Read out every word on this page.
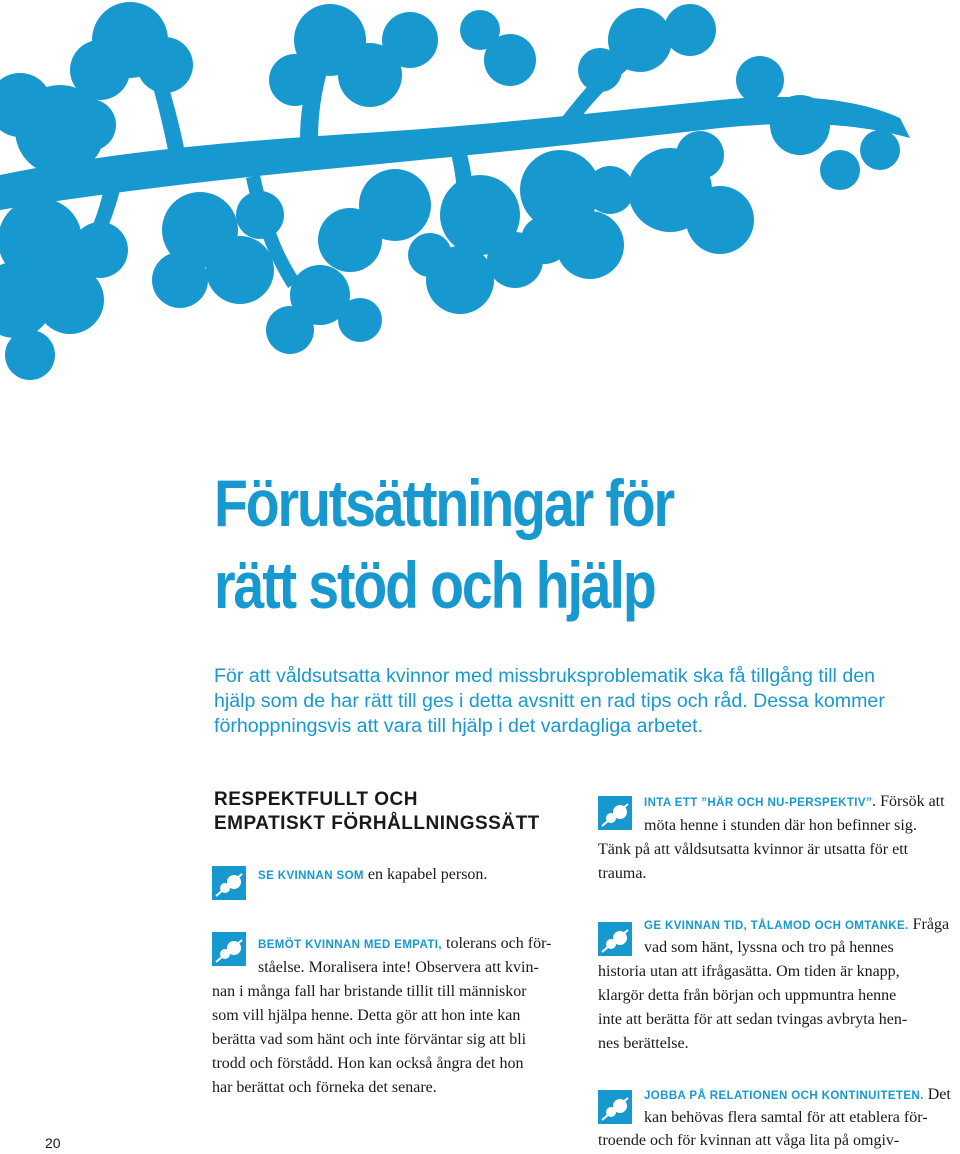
Förutsättningar för
rätt stöd och hjälp
För att våldsutsatta kvinnor med missbruksproblematik ska få tillgång till den
hjälp som de har rätt till ges i detta avsnitt en rad tips och råd. Dessa kommer
förhoppningsvis att vara till hjälp i det vardagliga arbetet.
RESPEKTFULLT OCH
EMPATISKT FÖRHÅLLNINGSSÄTT
SE KVINNAN SOM en kapabel person.
BEMÖT KVINNAN MED EMPATI, tolerans och för-
ståelse. Moralisera inte! Observera att kvin-
nan i många fall har bristande tillit till människor
som vill hjälpa henne. Detta gör att hon inte kan
berätta vad som hänt och inte förväntar sig att bli
trodd och förstådd. Hon kan också ångra det hon
har berättat och förneka det senare.
INTA ETT ”HÄR OCH NU-PERSPEKTIV”. Försök att
möta henne i stunden där hon befinner sig.
Tänk på att våldsutsatta kvinnor är utsatta för ett
trauma.
GE KVINNAN TID, TÅLAMOD OCH OMTANKE. Fråga
vad som hänt, lyssna och tro på hennes
historia utan att ifrågasätta. Om tiden är knapp,
klargör detta från början och uppmuntra henne
inte att berätta för att sedan tvingas avbryta hen-
nes berättelse.
JOBBA PÅ RELATIONEN OCH KONTINUITETEN. Det
kan behövas flera samtal för att etablera för-
troende och för kvinnan att våga lita på omgiv-
20
